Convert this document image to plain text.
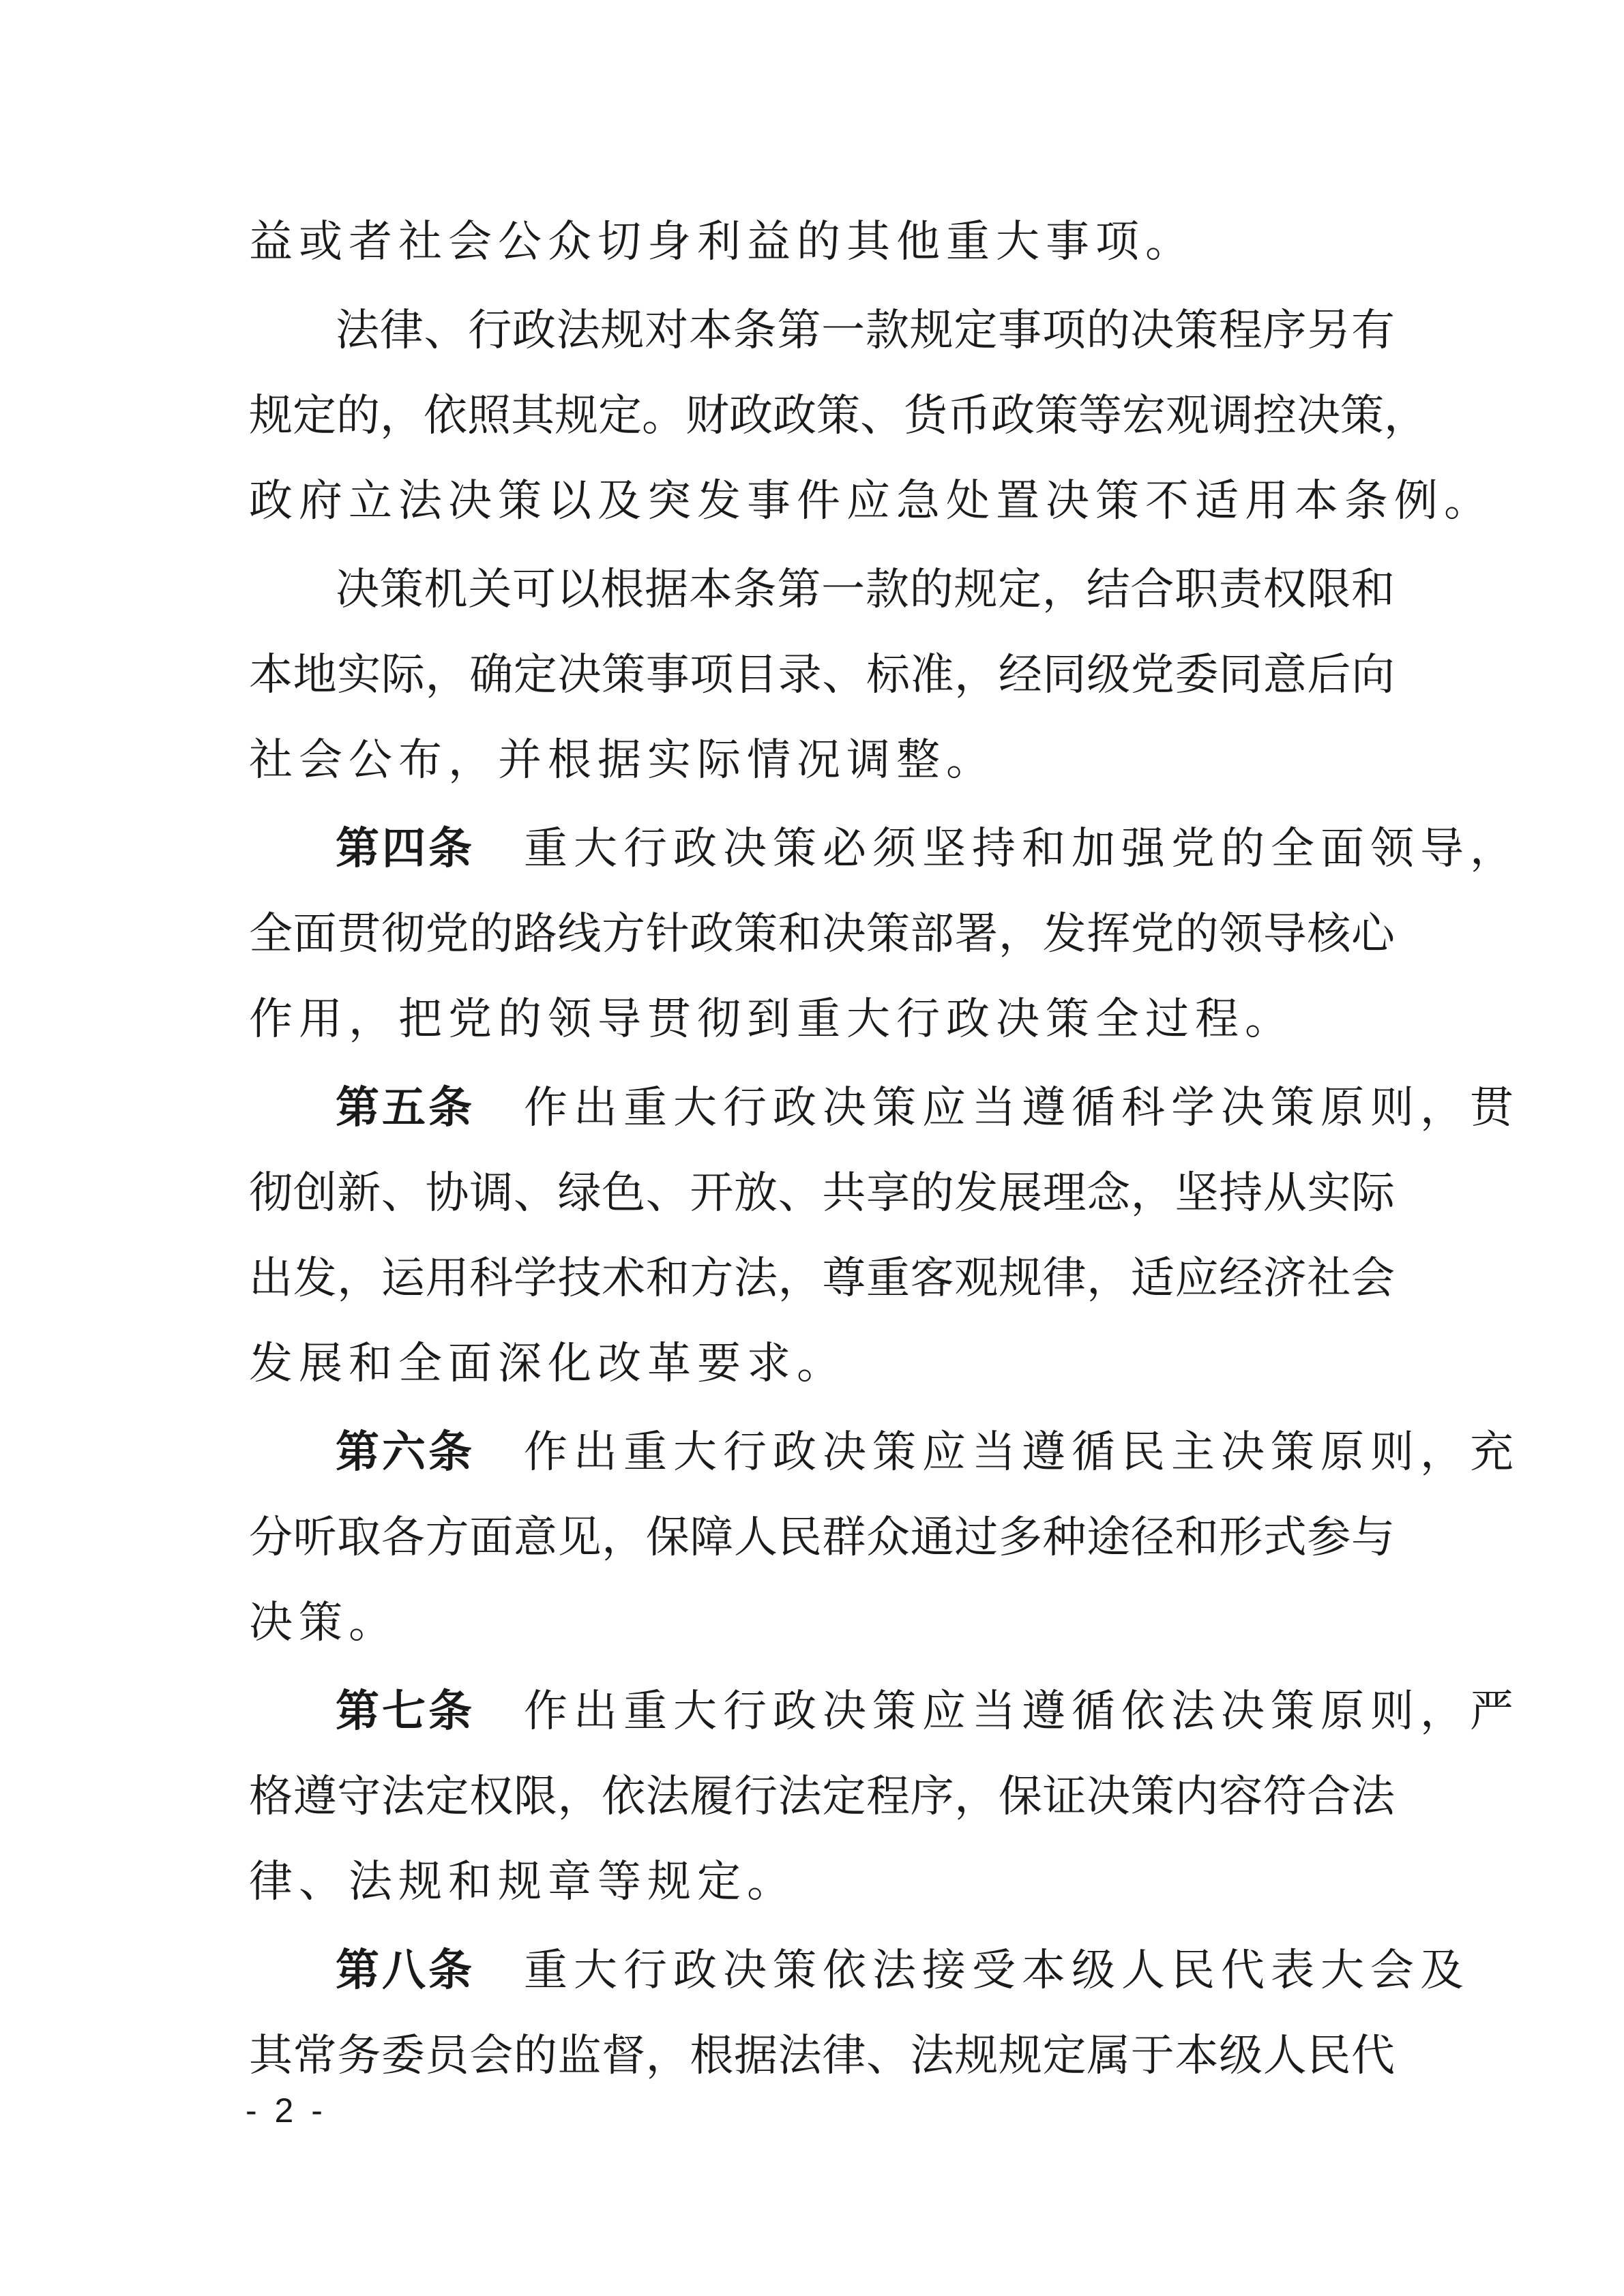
益或者社会公众切身利益的其他重大事项。
法律、行政法规对本条第一款规定事项的决策程序另有
规定的，依照其规定。财政政策、货币政策等宏观调控决策，
政府立法决策以及突发事件应急处置决策不适用本条例。
决策机关可以根据本条第一款的规定，结合职责权限和
本地实际，确定决策事项目录、标准，经同级党委同意后向
社会公布，并根据实际情况调整。
第四条 重大行政决策必须坚持和加强党的全面领导，
全面贯彻党的路线方针政策和决策部署，发挥党的领导核心
作用，把党的领导贯彻到重大行政决策全过程。
第五条 作出重大行政决策应当遵循科学决策原则，贯
彻创新、协调、绿色、开放、共享的发展理念，坚持从实际
出发，运用科学技术和方法，尊重客观规律，适应经济社会
发展和全面深化改革要求。
第六条 作出重大行政决策应当遵循民主决策原则，充
分听取各方面意见，保障人民群众通过多种途径和形式参与
决策。
第七条 作出重大行政决策应当遵循依法决策原则，严
格遵守法定权限，依法履行法定程序，保证决策内容符合法
律、法规和规章等规定。
第八条 重大行政决策依法接受本级人民代表大会及
其常务委员会的监督，根据法律、法规规定属于本级人民代
- 2 -
